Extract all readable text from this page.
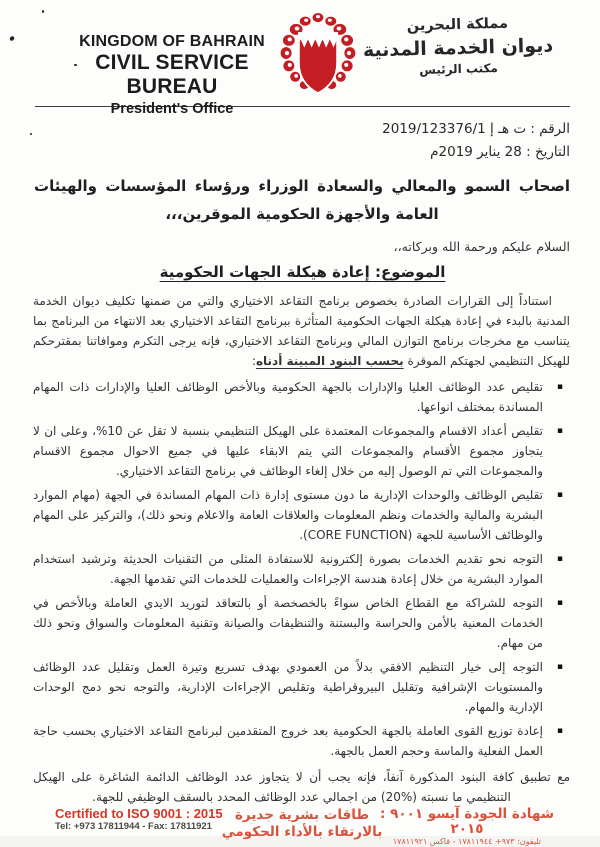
KINGDOM OF BAHRAIN
CIVIL SERVICE BUREAU
President's Office
مملكة البحرين
ديوان الخدمة المدنية
مكتب الرئيس
الرقم : ت هـ إ 2019/123376/1
التاريخ : 28 يناير 2019م
اصحاب السمو والمعالي والسعادة الوزراء ورؤساء المؤسسات والهيئات العامة والأجهزة الحكومية الموقرين،،،
السلام عليكم ورحمة الله وبركاته،،
الموضوع: إعادة هيكلة الجهات الحكومية

استناداً إلى القرارات الصادرة بخصوص برنامج التقاعد الاختياري والتي من ضمنها تكليف ديوان الخدمة المدنية بالبدء في إعادة هيكلة الجهات الحكومية المتأثرة ببرنامج التقاعد الاختياري بعد الانتهاء من البرنامج بما يتناسب مع مخرجات برنامج التوازن المالي وبرنامج التقاعد الاختياري، فإنه يرجى التكرم وموافاتنا بمقترحكم للهيكل التنظيمي لجهتكم الموقرة بحسب البنود المبينة أدناه:

▪
تقليص عدد الوظائف العليا والإدارات بالجهة الحكومية وبالأخص الوظائف العليا والإدارات ذات المهام المساندة بمختلف انواعها.
▪
تقليص أعداد الاقسام والمجموعات المعتمدة على الهيكل التنظيمي بنسبة لا تقل عن 10%، وعلى ان لا يتجاوز مجموع الأقسام والمجموعات التي يتم الابقاء عليها في جميع الاحوال مجموع الاقسام والمجموعات التي تم الوصول إليه من خلال إلغاء الوظائف في برنامج التقاعد الاختياري.
▪
تقليص الوظائف والوحدات الإدارية ما دون مستوى إدارة ذات المهام المساندة في الجهة (مهام الموارد البشرية والمالية والخدمات ونظم المعلومات والعلاقات العامة والاعلام ونحو ذلك)، والتركيز على المهام والوظائف الأساسية للجهة (CORE FUNCTION).
▪
التوجه نحو تقديم الخدمات بصورة إلكترونية للاستفادة المثلى من التقنيات الحديثة وترشيد استخدام الموارد البشرية من خلال إعادة هندسة الإجراءات والعمليات للخدمات التي تقدمها الجهة.
▪
التوجه للشراكة مع القطاع الخاص سواءً بالخصخصة أو بالتعاقد لتوريد الايدي العاملة وبالأخص في الخدمات المعنية بالأمن والحراسة والبستنة والتنظيفات والصيانة وتقنية المعلومات والسواق ونحو ذلك من مهام.
▪
التوجه إلى خيار التنظيم الافقي بدلاً من العمودي بهدف تسريع وتيرة العمل وتقليل عدد الوظائف والمستويات الإشرافية وتقليل البيروقراطية وتقليص الإجراءات الإدارية، والتوجه نحو دمج الوحدات الإدارية والمهام.
▪
إعادة توزيع القوى العاملة بالجهة الحكومية بعد خروج المتقدمين لبرنامج التقاعد الاختياري بحسب حاجة العمل الفعلية والماسة وحجم العمل بالجهة.

مع تطبيق كافة البنود المذكورة آنفاً، فإنه يجب أن لا يتجاوز عدد الوظائف الدائمة الشاغرة على الهيكل التنظيمي ما نسبته (%20) من اجمالي عدد الوظائف المحدد بالسقف الوظيفي للجهة.

Certified to ISO 9001 : 2015
Tel: +973 17811944 - Fax: 17811921
طاقات بشرية جديرة
بالارتقاء بالأداء الحكومي
شهادة الجودة آيسو ٩٠٠١ : ٢٠١٥
تليفون: ٩٧٣+ ١٧٨١١٩٤٤ - فاكس ١٧٨١١٩٢١
